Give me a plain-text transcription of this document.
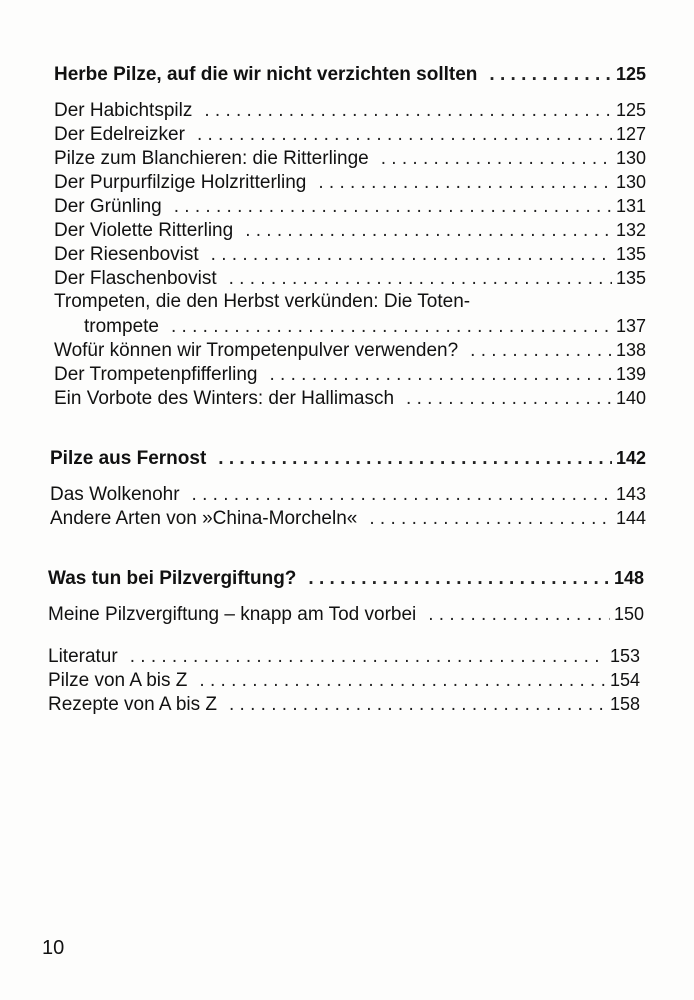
Herbe Pilze, auf die wir nicht verzichten sollten . . .	125
Der Habichtspilz . . .	125
Der Edelreizker . . .	127
Pilze zum Blanchieren: die Ritterlinge . . .	130
Der Purpurfilzige Holzritterling . . .	130
Der Grünling . . .	131
Der Violette Ritterling . . .	132
Der Riesenbovist . . .	135
Der Flaschenbovist . . .	135
Trompeten, die den Herbst verkünden: Die Toten-
trompete . . .	137
Wofür können wir Trompetenpulver verwenden? . . .	138
Der Trompetenpfifferling . . .	139
Ein Vorbote des Winters: der Hallimasch . . .	140
Pilze aus Fernost . . .	142
Das Wolkenohr . . .	143
Andere Arten von »China-Morcheln« . . .	144
Was tun bei Pilzvergiftung? . . .	148
Meine Pilzvergiftung – knapp am Tod vorbei . . .	150
Literatur . . .	153
Pilze von A bis Z . . .	154
Rezepte von A bis Z . . .	158
10
